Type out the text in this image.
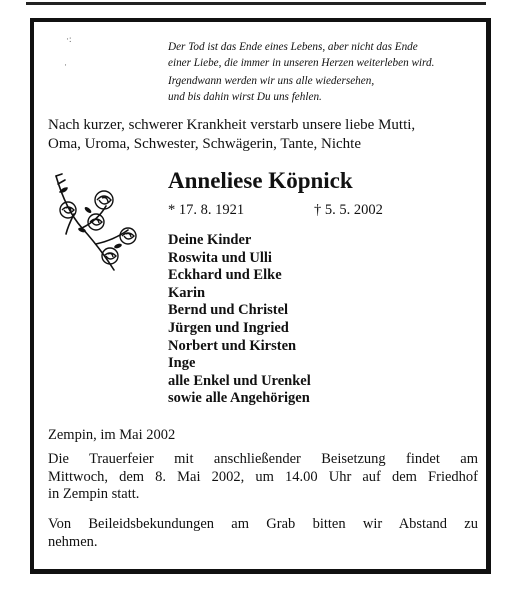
·:
·
Der Tod ist das Ende eines Lebens, aber nicht das Ende
einer Liebe, die immer in unseren Herzen weiterleben wird.
Irgendwann werden wir uns alle wiedersehen,
und bis dahin wirst Du uns fehlen.
Nach kurzer, schwerer Krankheit verstarb unsere liebe Mutti,
Oma, Uroma, Schwester, Schwägerin, Tante, Nichte
Anneliese Köpnick
* 17. 8. 1921	† 5. 5. 2002
Deine Kinder
Roswita und Ulli
Eckhard und Elke
Karin
Bernd und Christel
Jürgen und Ingried
Norbert und Kirsten
Inge
alle Enkel und Urenkel
sowie alle Angehörigen
Zempin, im Mai 2002
Die Trauerfeier mit anschließender Beisetzung findet am
Mittwoch, dem 8. Mai 2002, um 14.00 Uhr auf dem Friedhof
in Zempin statt.
Von Beileidsbekundungen am Grab bitten wir Abstand zu
nehmen.
